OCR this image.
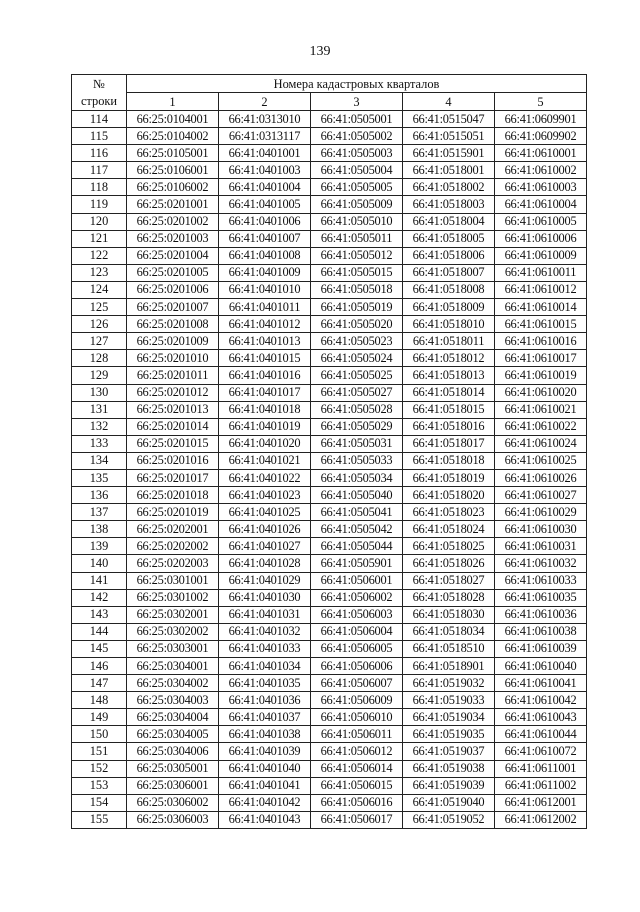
139
№	Номера кадастровых кварталов				
строки	1	2	3	4	5
114	66:25:0104001	66:41:0313010	66:41:0505001	66:41:0515047	66:41:0609901
115	66:25:0104002	66:41:0313117	66:41:0505002	66:41:0515051	66:41:0609902
116	66:25:0105001	66:41:0401001	66:41:0505003	66:41:0515901	66:41:0610001
117	66:25:0106001	66:41:0401003	66:41:0505004	66:41:0518001	66:41:0610002
118	66:25:0106002	66:41:0401004	66:41:0505005	66:41:0518002	66:41:0610003
119	66:25:0201001	66:41:0401005	66:41:0505009	66:41:0518003	66:41:0610004
120	66:25:0201002	66:41:0401006	66:41:0505010	66:41:0518004	66:41:0610005
121	66:25:0201003	66:41:0401007	66:41:0505011	66:41:0518005	66:41:0610006
122	66:25:0201004	66:41:0401008	66:41:0505012	66:41:0518006	66:41:0610009
123	66:25:0201005	66:41:0401009	66:41:0505015	66:41:0518007	66:41:0610011
124	66:25:0201006	66:41:0401010	66:41:0505018	66:41:0518008	66:41:0610012
125	66:25:0201007	66:41:0401011	66:41:0505019	66:41:0518009	66:41:0610014
126	66:25:0201008	66:41:0401012	66:41:0505020	66:41:0518010	66:41:0610015
127	66:25:0201009	66:41:0401013	66:41:0505023	66:41:0518011	66:41:0610016
128	66:25:0201010	66:41:0401015	66:41:0505024	66:41:0518012	66:41:0610017
129	66:25:0201011	66:41:0401016	66:41:0505025	66:41:0518013	66:41:0610019
130	66:25:0201012	66:41:0401017	66:41:0505027	66:41:0518014	66:41:0610020
131	66:25:0201013	66:41:0401018	66:41:0505028	66:41:0518015	66:41:0610021
132	66:25:0201014	66:41:0401019	66:41:0505029	66:41:0518016	66:41:0610022
133	66:25:0201015	66:41:0401020	66:41:0505031	66:41:0518017	66:41:0610024
134	66:25:0201016	66:41:0401021	66:41:0505033	66:41:0518018	66:41:0610025
135	66:25:0201017	66:41:0401022	66:41:0505034	66:41:0518019	66:41:0610026
136	66:25:0201018	66:41:0401023	66:41:0505040	66:41:0518020	66:41:0610027
137	66:25:0201019	66:41:0401025	66:41:0505041	66:41:0518023	66:41:0610029
138	66:25:0202001	66:41:0401026	66:41:0505042	66:41:0518024	66:41:0610030
139	66:25:0202002	66:41:0401027	66:41:0505044	66:41:0518025	66:41:0610031
140	66:25:0202003	66:41:0401028	66:41:0505901	66:41:0518026	66:41:0610032
141	66:25:0301001	66:41:0401029	66:41:0506001	66:41:0518027	66:41:0610033
142	66:25:0301002	66:41:0401030	66:41:0506002	66:41:0518028	66:41:0610035
143	66:25:0302001	66:41:0401031	66:41:0506003	66:41:0518030	66:41:0610036
144	66:25:0302002	66:41:0401032	66:41:0506004	66:41:0518034	66:41:0610038
145	66:25:0303001	66:41:0401033	66:41:0506005	66:41:0518510	66:41:0610039
146	66:25:0304001	66:41:0401034	66:41:0506006	66:41:0518901	66:41:0610040
147	66:25:0304002	66:41:0401035	66:41:0506007	66:41:0519032	66:41:0610041
148	66:25:0304003	66:41:0401036	66:41:0506009	66:41:0519033	66:41:0610042
149	66:25:0304004	66:41:0401037	66:41:0506010	66:41:0519034	66:41:0610043
150	66:25:0304005	66:41:0401038	66:41:0506011	66:41:0519035	66:41:0610044
151	66:25:0304006	66:41:0401039	66:41:0506012	66:41:0519037	66:41:0610072
152	66:25:0305001	66:41:0401040	66:41:0506014	66:41:0519038	66:41:0611001
153	66:25:0306001	66:41:0401041	66:41:0506015	66:41:0519039	66:41:0611002
154	66:25:0306002	66:41:0401042	66:41:0506016	66:41:0519040	66:41:0612001
155	66:25:0306003	66:41:0401043	66:41:0506017	66:41:0519052	66:41:0612002
